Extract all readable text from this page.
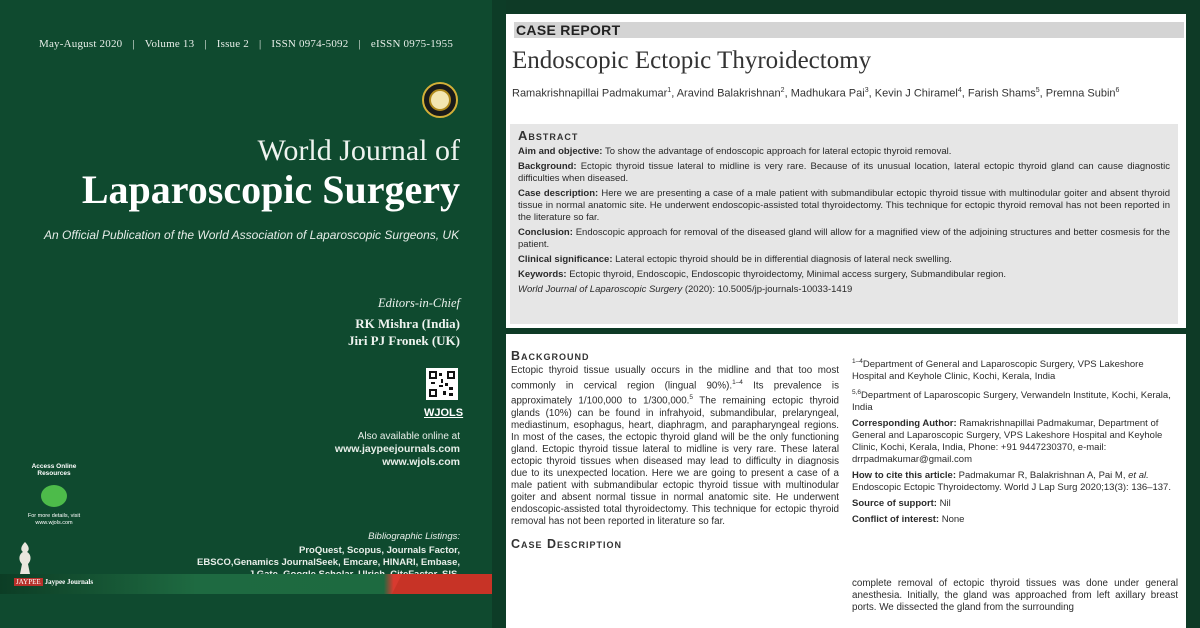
May-August 2020 | Volume 13 | Issue 2 | ISSN 0974-5092 | eISSN 0975-1955
World Journal of
Laparoscopic Surgery
An Official Publication of the World Association of Laparoscopic Surgeons, UK
Editors-in-Chief
RK Mishra (India)
Jiri PJ Fronek (UK)
WJOLS
Also available online at
www.jaypeejournals.com
www.wjols.com
Access Online Resources
For more details, visit
www.wjols.com
Bibliographic Listings:
ProQuest, Scopus, Journals Factor,
EBSCO,Genamics JournalSeek, Emcare, HINARI, Embase,
JAYPEE Jaypee Journals
CASE REPORT
Endoscopic Ectopic Thyroidectomy
Ramakrishnapillai Padmakumar$^1$, Aravind Balakrishnan$^2$, Madhukara Pai$^3$, Kevin J Chiramel$^4$, Farish Shams$^5$, Premna Subin$^6$
Abstract

Aim and objective: To show the advantage of endoscopic approach for lateral ectopic thyroid removal.

Background: Ectopic thyroid tissue lateral to midline is very rare. Because of its unusual location, lateral ectopic thyroid gland can cause diagnostic difficulties when diseased.

Case description: Here we are presenting a case of a male patient with submandibular ectopic thyroid tissue with multinodular goiter and absent thyroid tissue in normal anatomic site. He underwent endoscopic-assisted total thyroidectomy. This technique for ectopic thyroid removal has not been reported in the literature so far.

Conclusion: Endoscopic approach for removal of the diseased gland will allow for a magnified view of the adjoining structures and better cosmesis for the patient.

Clinical significance: Lateral ectopic thyroid should be in differential diagnosis of lateral neck swelling.

Keywords: Ectopic thyroid, Endoscopic, Endoscopic thyroidectomy, Minimal access surgery, Submandibular region.

World Journal of Laparoscopic Surgery (2020): 10.5005/jp-journals-10033-1419

Background

Ectopic thyroid tissue usually occurs in the midline and that too most commonly in cervical region (lingual 90%).$^{1-4}$ Its prevalence is approximately 1/100,000 to 1/300,000.$^5$ The remaining ectopic thyroid glands (10%) can be found in infrahyoid, submandibular, prelaryngeal, mediastinum, esophagus, heart, diaphragm, and parapharyngeal regions. In most of the cases, the ectopic thyroid gland will be the only functioning gland. Ectopic thyroid tissue lateral to midline is very rare. These lateral ectopic thyroid tissues when diseased may lead to difficulty in diagnosis due to its unexpected location. Here we are going to present a case of a male patient with submandibular ectopic thyroid tissue with multinodular goiter and absent normal tissue in normal anatomic site. He underwent endoscopic-assisted total thyroidectomy. This technique for ectopic thyroid removal has not been reported in literature so far.

Case Description

$^{1-4}$Department of General and Laparoscopic Surgery, VPS Lakeshore Hospital and Keyhole Clinic, Kochi, Kerala, India

$^{5,6}$Department of Laparoscopic Surgery, Verwandeln Institute, Kochi, Kerala, India

Corresponding Author: Ramakrishnapillai Padmakumar, Department of General and Laparoscopic Surgery, VPS Lakeshore Hospital and Keyhole Clinic, Kochi, Kerala, India, Phone: +91 9447230370, e-mail: drrpadmakumar@gmail.com

How to cite this article: Padmakumar R, Balakrishnan A, Pai M, et al. Endoscopic Ectopic Thyroidectomy. World J Lap Surg 2020;13(3): 136–137.

Source of support: Nil

Conflict of interest: None

complete removal of ectopic thyroid tissues was done under general anesthesia. Initially, the gland was approached from left axillary breast ports. We dissected the gland from the surrounding
